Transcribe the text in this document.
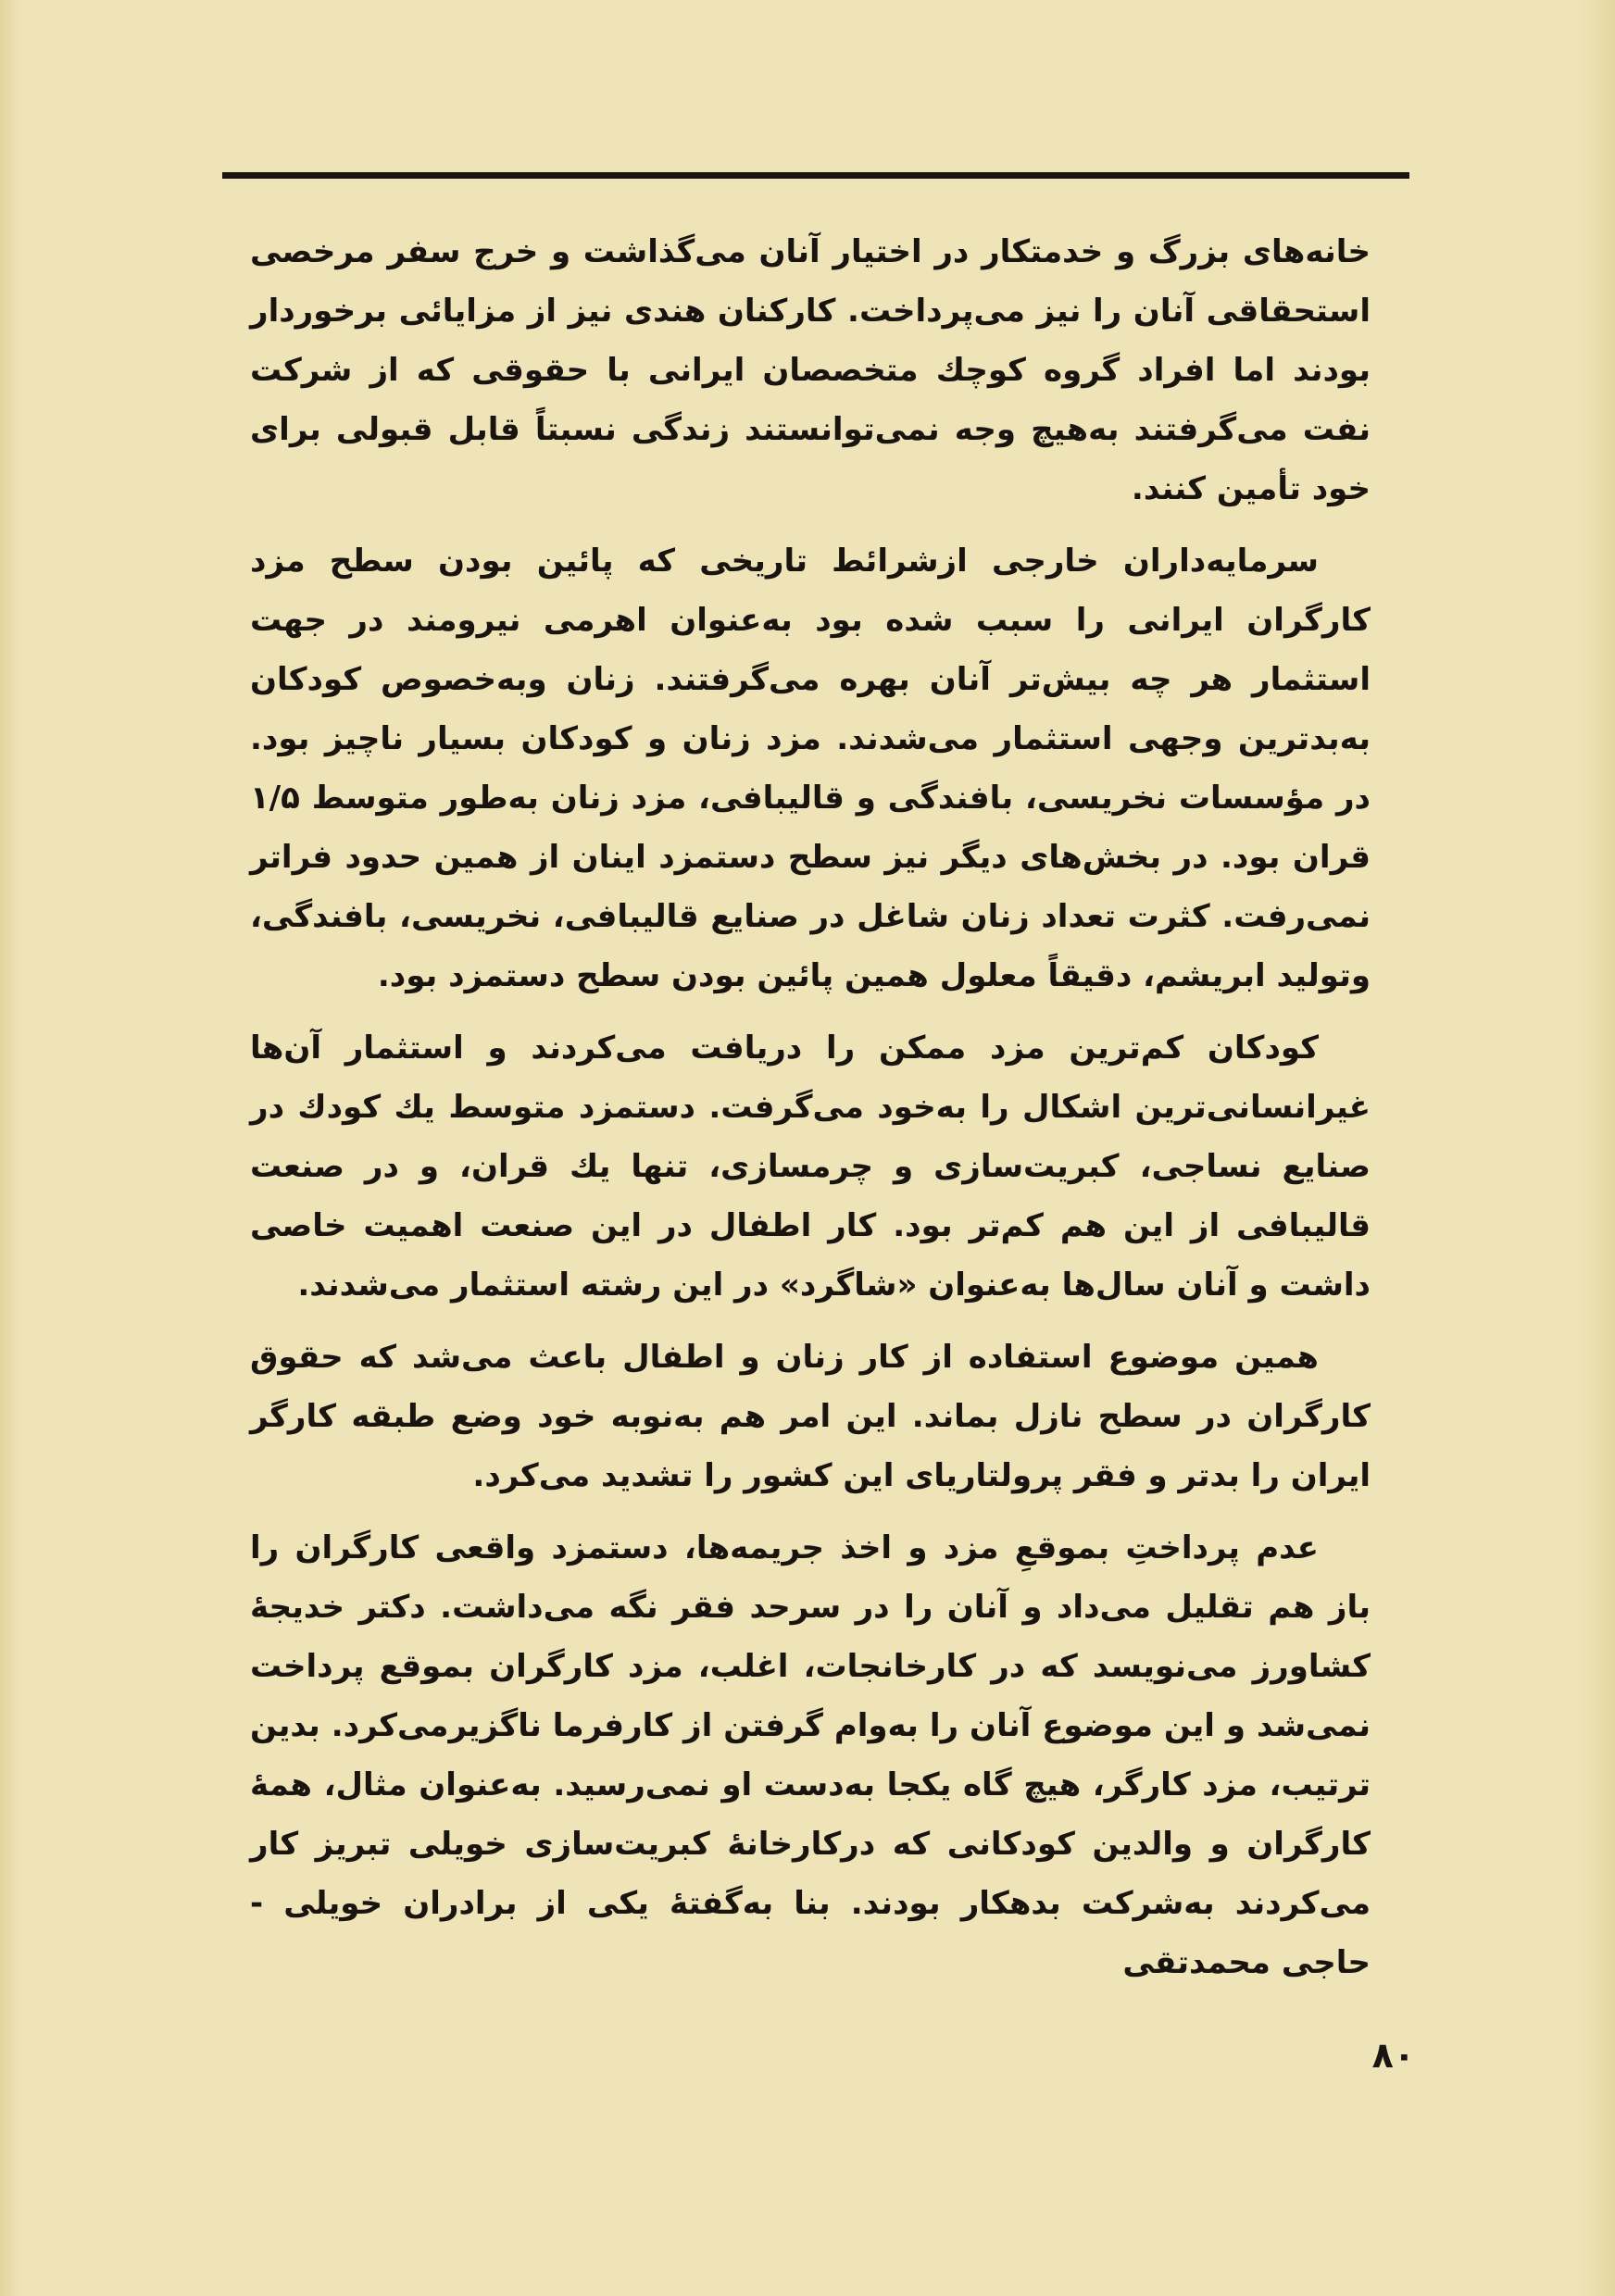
خانه‌های بزرگ و خدمتکار در اختیار آنان می‌گذاشت و خرج سفر مرخصی استحقاقی آنان را نیز می‌پرداخت. کارکنان هندی نیز از مزایائی برخوردار بودند اما افراد گروه کوچك متخصصان ایرانی با حقوقی که از شرکت نفت می‌گرفتند به‌هیچ وجه نمی‌توانستند زندگی نسبتاً قابل قبولی برای خود تأمین کنند.

سرمایه‌داران خارجی ازشرائط تاریخی که پائین بودن سطح مزد کارگران ایرانی را سبب شده بود به‌عنوان اهرمی نیرومند در جهت استثمار هر چه بیش‌تر آنان بهره می‌گرفتند. زنان وبه‌خصوص کودکان به‌بدترین وجهی استثمار می‌شدند. مزد زنان و کودکان بسیار ناچیز بود. در مؤسسات نخریسی، بافندگی و قالیبافی، مزد زنان به‌طور متوسط ۱/۵ قران بود. در بخش‌های دیگر نیز سطح دستمزد اینان از همین حدود فراتر نمی‌رفت. کثرت تعداد زنان شاغل در صنایع قالیبافی، نخریسی، بافندگی، وتولید ابریشم، دقیقاً معلول همین پائین بودن سطح دستمزد بود.

کودکان کم‌ترین مزد ممکن را دریافت می‌کردند و استثمار آن‌ها غیرانسانی‌ترین اشکال را به‌خود می‌گرفت. دستمزد متوسط یك کودك در صنایع نساجی، کبریت‌سازی و چرمسازی، تنها یك قران، و در صنعت قالیبافی از این هم کم‌تر بود. کار اطفال در این صنعت اهمیت خاصی داشت و آنان سال‌ها به‌عنوان «شاگرد» در این رشته استثمار می‌شدند.

همین موضوع استفاده از کار زنان و اطفال باعث می‌شد که حقوق کارگران در سطح نازل بماند. این امر هم به‌نوبه خود وضع طبقه کارگر ایران را بدتر و فقر پرولتاریای این کشور را تشدید می‌کرد.

عدم پرداختِ بموقعِ مزد و اخذ جریمه‌ها، دستمزد واقعی کارگران را باز هم تقلیل می‌داد و آنان را در سرحد فقر نگه می‌داشت. دکتر خدیجهٔ کشاورز می‌نویسد که در کارخانجات، اغلب، مزد کارگران بموقع پرداخت نمی‌شد و این موضوع آنان را به‌وام گرفتن از کارفرما ناگزیرمی‌کرد. بدین ترتیب، مزد کارگر، هیچ گاه یکجا به‌دست او نمی‌رسید. به‌عنوان مثال، همهٔ کارگران و والدین کودکانی که درکارخانهٔ کبریت‌سازی خویلی تبریز کار می‌کردند به‌شرکت بدهکار بودند. بنا به‌گفتهٔ یکی از برادران خویلی - حاجی محمدتقی

۸۰
